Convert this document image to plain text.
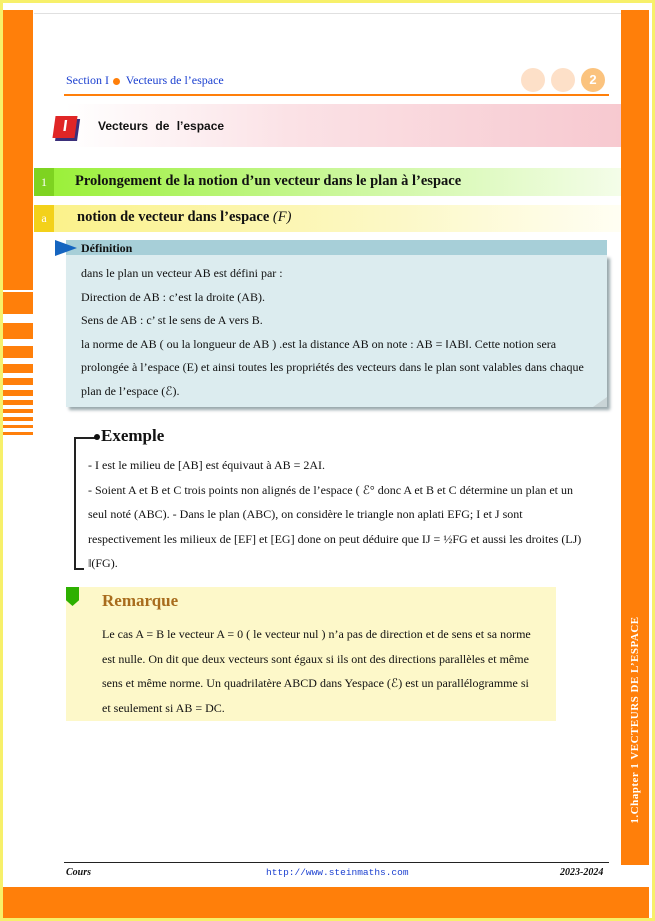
1.Chapter 1 VECTEURS DE L’ESPACE
Section I Vecteurs de l’espace	2
I	Vecteurs de l’espace
1	Prolongement de la notion d’un vecteur dans le plan à l’espace
a	notion de vecteur dans l’espace (F)
Définition
dans le plan un vecteur AB est défini par :
Direction de AB : c’est la droite (AB).
Sens de AB : c’ st le sens de A vers B.
la norme de AB ( ou la longueur de AB ) .est la distance AB on note : AB = ‖AB‖. Cette notion sera prolongée à l’espace (E) et ainsi toutes les propriétés des vecteurs dans le plan sont valables dans chaque plan de l’espace (ℰ).
Exemple
- I est le milieu de [AB] est équivaut à AB = 2AI.
- Soient A et B et C trois points non alignés de l’espace ( ℰ° donc A et B et C détermine un plan et un seul noté (ABC). - Dans le plan (ABC), on considère le triangle non aplati EFG; I et J sont respectivement les milieux de [EF] et [EG] done on peut déduire que IJ = ½FG et aussi les droites (LJ) ‖(FG).
Remarque
Le cas A = B le vecteur A = 0 ( le vecteur nul ) n’a pas de direction et de sens et sa norme est nulle. On dit que deux vecteurs sont égaux si ils ont des directions parallèles et même sens et même norme. Un quadrilatère ABCD dans Yespace (ℰ) est un parallélogramme si et seulement si AB = DC.
Cours	http://www.steinmaths.com	2023-2024
